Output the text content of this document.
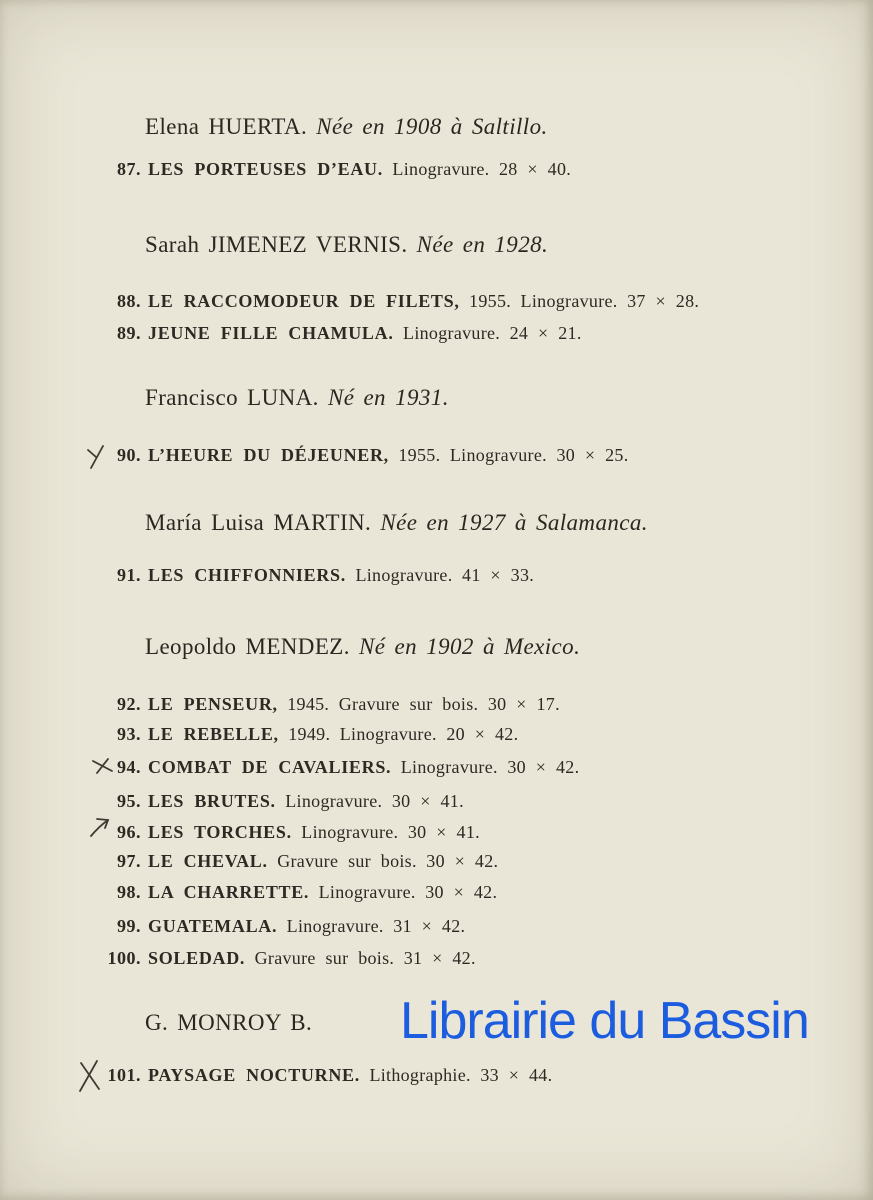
Elena HUERTA. Née en 1908 à Saltillo.
87. LES PORTEUSES D’EAU. Linogravure. 28 × 40.
Sarah JIMENEZ VERNIS. Née en 1928.
88. LE RACCOMODEUR DE FILETS, 1955. Linogravure. 37 × 28.
89. JEUNE FILLE CHAMULA. Linogravure. 24 × 21.
Francisco LUNA. Né en 1931.
90. L’HEURE DU DÉJEUNER, 1955. Linogravure. 30 × 25.
María Luisa MARTIN. Née en 1927 à Salamanca.
91. LES CHIFFONNIERS. Linogravure. 41 × 33.
Leopoldo MENDEZ. Né en 1902 à Mexico.
92. LE PENSEUR, 1945. Gravure sur bois. 30 × 17.
93. LE REBELLE, 1949. Linogravure. 20 × 42.
94. COMBAT DE CAVALIERS. Linogravure. 30 × 42.
95. LES BRUTES. Linogravure. 30 × 41.
96. LES TORCHES. Linogravure. 30 × 41.
97. LE CHEVAL. Gravure sur bois. 30 × 42.
98. LA CHARRETTE. Linogravure. 30 × 42.
99. GUATEMALA. Linogravure. 31 × 42.
100. SOLEDAD. Gravure sur bois. 31 × 42.
G. MONROY B.
101. PAYSAGE NOCTURNE. Lithographie. 33 × 44.
Librairie du Bassin
